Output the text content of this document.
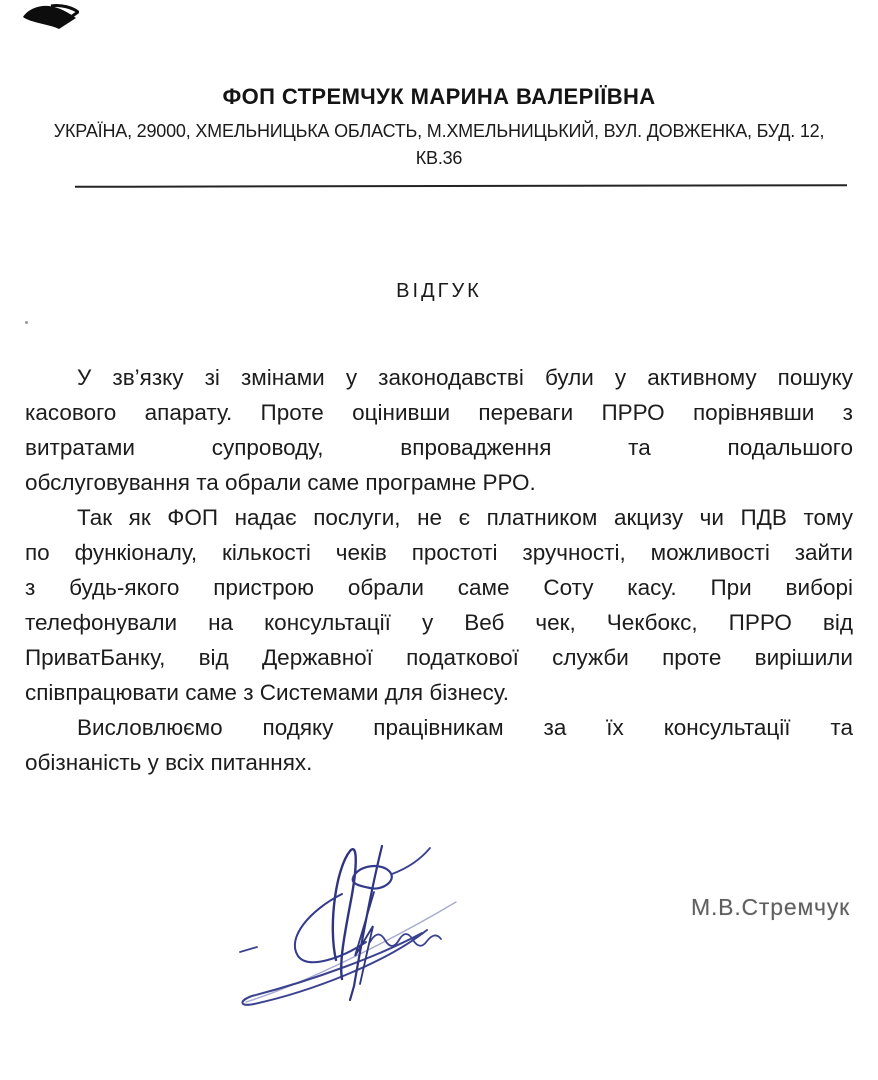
ФОП СТРЕМЧУК МАРИНА ВАЛЕРІЇВНА
УКРАЇНА, 29000, ХМЕЛЬНИЦЬКА ОБЛАСТЬ, М.ХМЕЛЬНИЦЬКИЙ, ВУЛ. ДОВЖЕНКА, БУД. 12,
КВ.36
ВІДГУК
У зв’язку зі змінами у законодавстві були у активному пошуку
касового апарату. Проте оцінивши переваги ПРРО порівнявши з
витратами супроводу, впровадження та подальшого
обслуговування та обрали саме програмне РРО.
Так як ФОП надає послуги, не є платником акцизу чи ПДВ тому
по функіоналу, кількості чеків простоті зручності, можливості зайти
з будь-якого пристрою обрали саме Соту касу. При виборі
телефонували на консультації у Веб чек, Чекбокс, ПРРО від
ПриватБанку, від Державної податкової служби проте вирішили
співпрацювати саме з Системами для бізнесу.
Висловлюємо подяку працівникам за їх консультації та
обізнаність у всіх питаннях.
М.В.Стремчук
